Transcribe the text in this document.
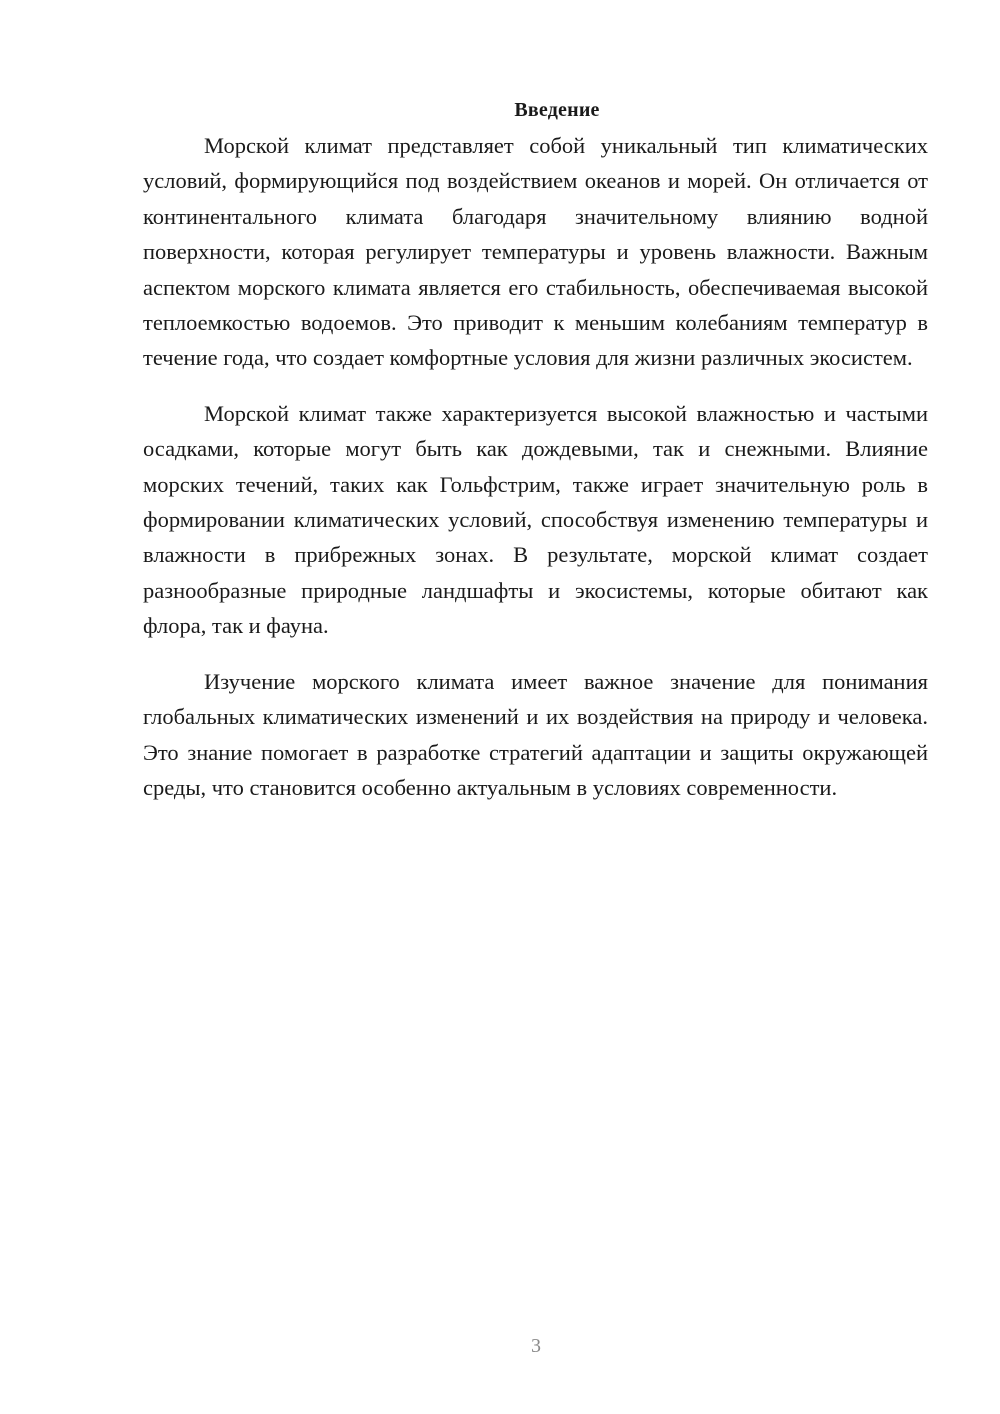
Введение

Морской климат представляет собой уникальный тип климатических условий, формирующийся под воздействием океанов и морей. Он отличается от континентального климата благодаря значительному влиянию водной поверхности, которая регулирует температуры и уровень влажности. Важным аспектом морского климата является его стабильность, обеспечиваемая высокой теплоемкостью водоемов. Это приводит к меньшим колебаниям температур в течение года, что создает комфортные условия для жизни различных экосистем.

Морской климат также характеризуется высокой влажностью и частыми осадками, которые могут быть как дождевыми, так и снежными. Влияние морских течений, таких как Гольфстрим, также играет значительную роль в формировании климатических условий, способствуя изменению температуры и влажности в прибрежных зонах. В результате, морской климат создает разнообразные природные ландшафты и экосистемы, которые обитают как флора, так и фауна.

Изучение морского климата имеет важное значение для понимания глобальных климатических изменений и их воздействия на природу и человека. Это знание помогает в разработке стратегий адаптации и защиты окружающей среды, что становится особенно актуальным в условиях современности.

3
